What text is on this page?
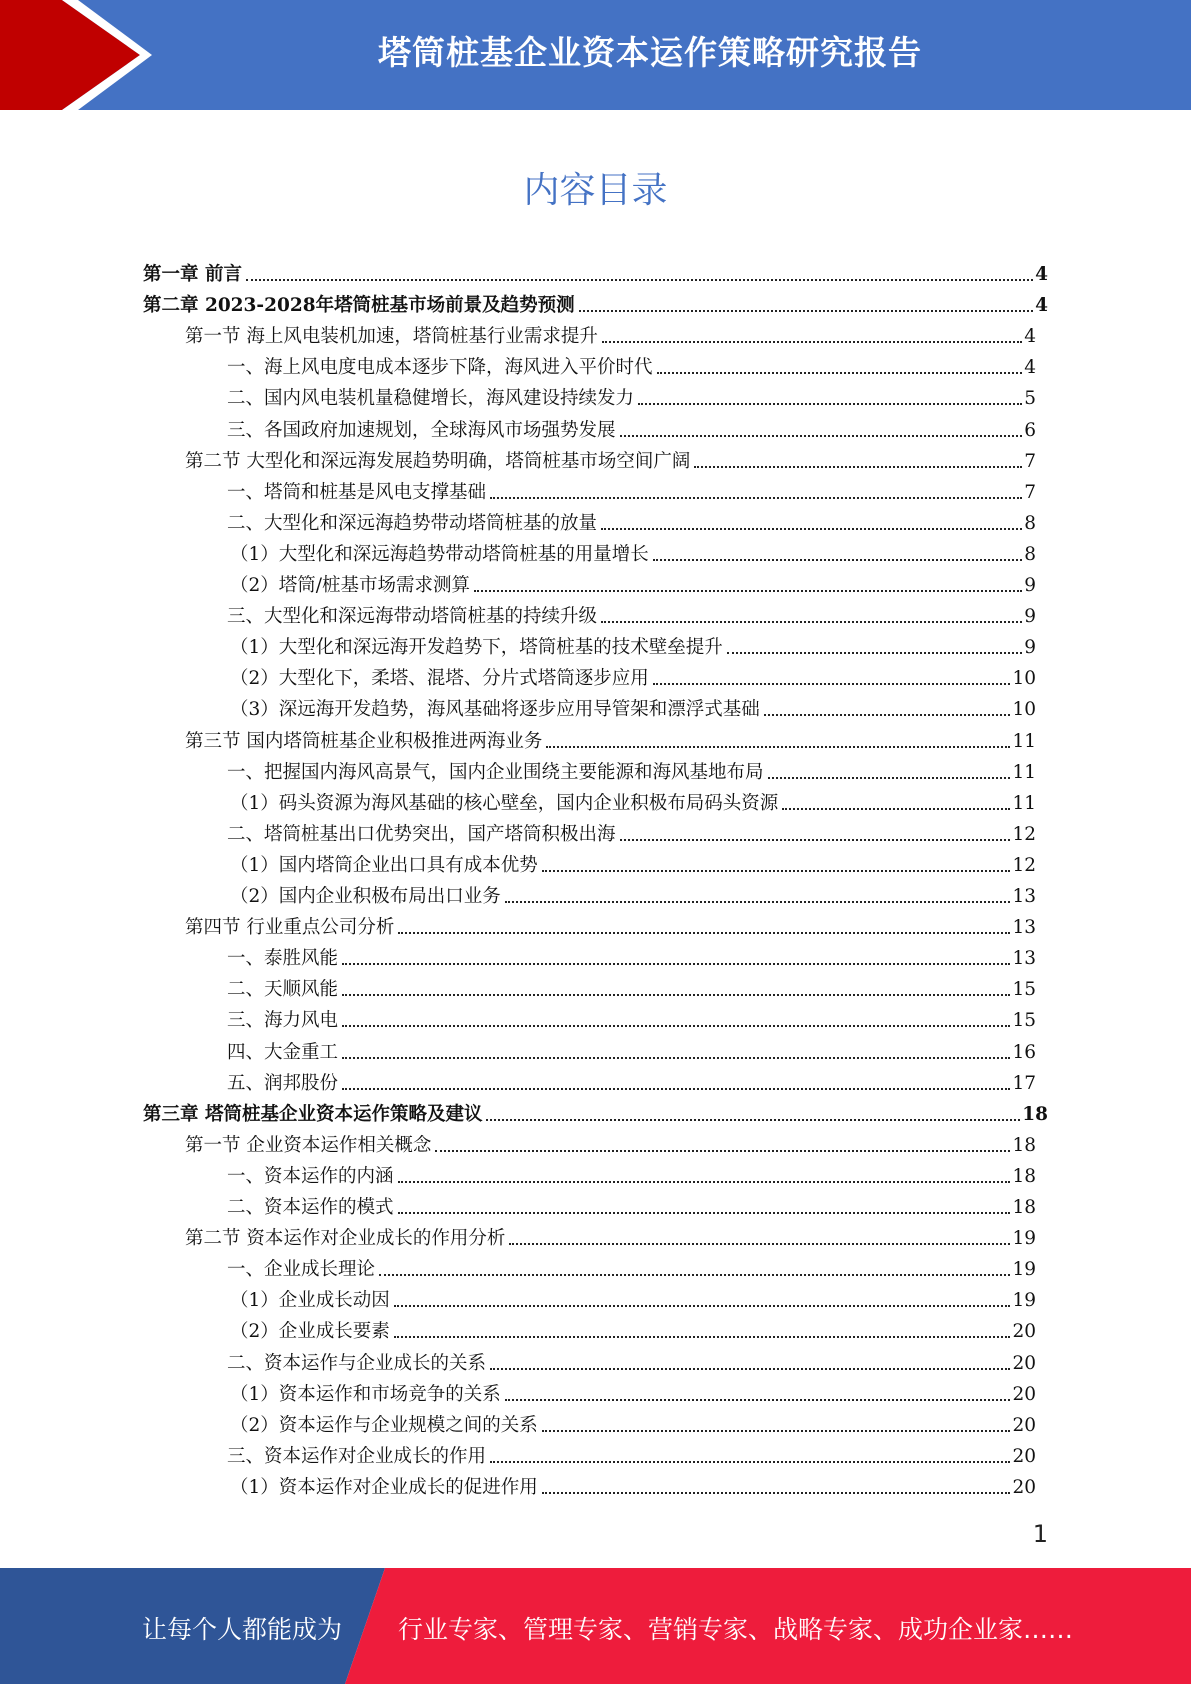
塔筒桩基企业资本运作策略研究报告
内容目录
第一章 前言	4
第二章 2023-2028年塔筒桩基市场前景及趋势预测	4
第一节 海上风电装机加速，塔筒桩基行业需求提升	4
一、海上风电度电成本逐步下降，海风进入平价时代	4
二、国内风电装机量稳健增长，海风建设持续发力	5
三、各国政府加速规划，全球海风市场强势发展	6
第二节 大型化和深远海发展趋势明确，塔筒桩基市场空间广阔	7
一、塔筒和桩基是风电支撑基础	7
二、大型化和深远海趋势带动塔筒桩基的放量	8
（1）大型化和深远海趋势带动塔筒桩基的用量增长	8
（2）塔筒/桩基市场需求测算	9
三、大型化和深远海带动塔筒桩基的持续升级	9
（1）大型化和深远海开发趋势下，塔筒桩基的技术壁垒提升	9
（2）大型化下，柔塔、混塔、分片式塔筒逐步应用	10
（3）深远海开发趋势，海风基础将逐步应用导管架和漂浮式基础	10
第三节 国内塔筒桩基企业积极推进两海业务	11
一、把握国内海风高景气，国内企业围绕主要能源和海风基地布局	11
（1）码头资源为海风基础的核心壁垒，国内企业积极布局码头资源	11
二、塔筒桩基出口优势突出，国产塔筒积极出海	12
（1）国内塔筒企业出口具有成本优势	12
（2）国内企业积极布局出口业务	13
第四节 行业重点公司分析	13
一、泰胜风能	13
二、天顺风能	15
三、海力风电	15
四、大金重工	16
五、润邦股份	17
第三章 塔筒桩基企业资本运作策略及建议	18
第一节 企业资本运作相关概念	18
一、资本运作的内涵	18
二、资本运作的模式	18
第二节 资本运作对企业成长的作用分析	19
一、企业成长理论	19
（1）企业成长动因	19
（2）企业成长要素	20
二、资本运作与企业成长的关系	20
（1）资本运作和市场竞争的关系	20
（2）资本运作与企业规模之间的关系	20
三、资本运作对企业成长的作用	20
（1）资本运作对企业成长的促进作用	20
1
让每个人都能成为 行业专家、管理专家、营销专家、战略专家、成功企业家……
